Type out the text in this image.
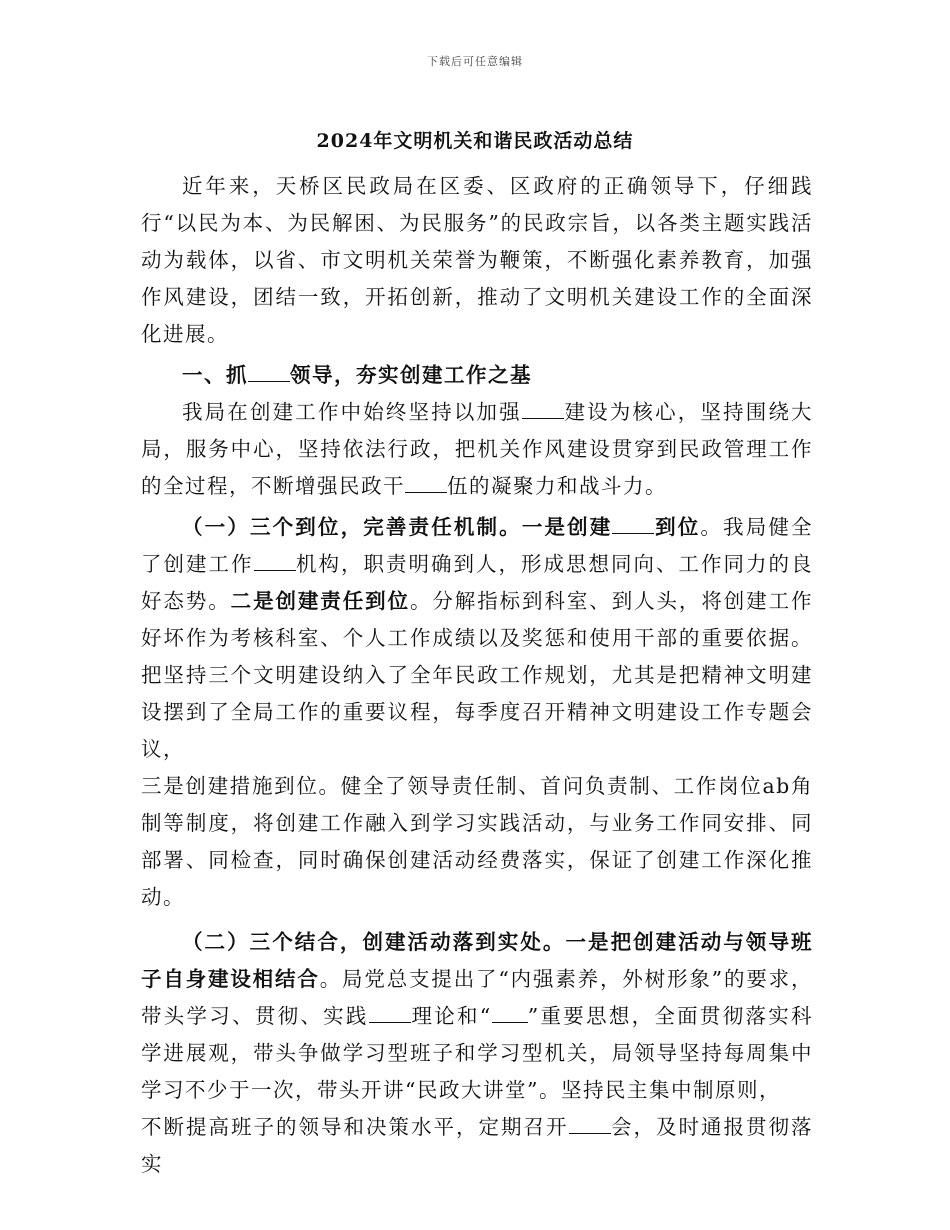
下载后可任意编辑
2024年文明机关和谐民政活动总结

近年来，天桥区民政局在区委、区政府的正确领导下，仔细践行“以民为本、为民解困、为民服务”的民政宗旨，以各类主题实践活动为载体，以省、市文明机关荣誉为鞭策，不断强化素养教育，加强作风建设，团结一致，开拓创新，推动了文明机关建设工作的全面深化进展。

一、抓 领导，夯实创建工作之基

我局在创建工作中始终坚持以加强 建设为核心，坚持围绕大局，服务中心，坚持依法行政，把机关作风建设贯穿到民政管理工作的全过程，不断增强民政干 伍的凝聚力和战斗力。

（一）三个到位，完善责任机制。一是创建 到位。我局健全了创建工作 机构，职责明确到人，形成思想同向、工作同力的良好态势。二是创建责任到位。分解指标到科室、到人头，将创建工作好坏作为考核科室、个人工作成绩以及奖惩和使用干部的重要依据。把坚持三个文明建设纳入了全年民政工作规划，尤其是把精神文明建设摆到了全局工作的重要议程，每季度召开精神文明建设工作专题会议，

三是创建措施到位。健全了领导责任制、首问负责制、工作岗位ab角制等制度，将创建工作融入到学习实践活动，与业务工作同安排、同部署、同检查，同时确保创建活动经费落实，保证了创建工作深化推动。

（二）三个结合，创建活动落到实处。一是把创建活动与领导班子自身建设相结合。局党总支提出了“内强素养，外树形象”的要求，带头学习、贯彻、实践 理论和“ ”重要思想，全面贯彻落实科学进展观，带头争做学习型班子和学习型机关，局领导坚持每周集中学习不少于一次，带头开讲“民政大讲堂”。坚持民主集中制原则，

不断提高班子的领导和决策水平，定期召开 会，及时通报贯彻落实
